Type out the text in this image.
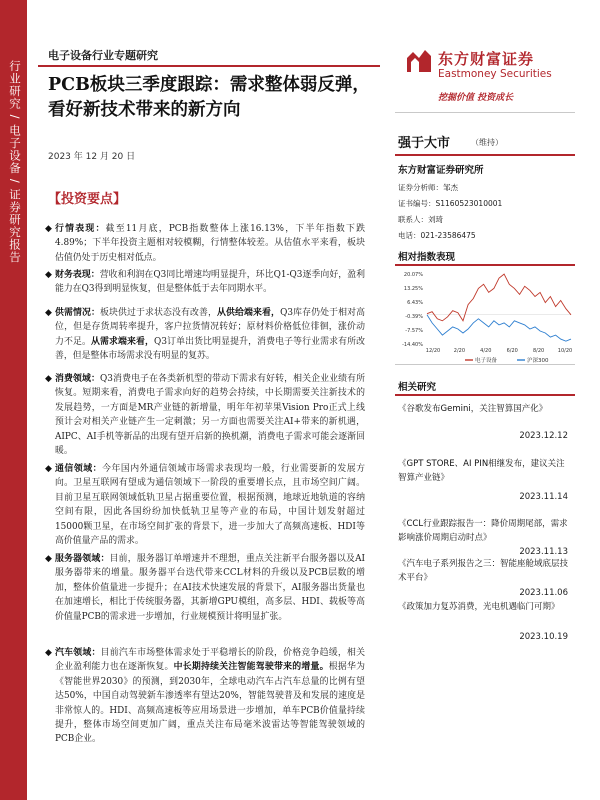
行业研究 / 电子设备 / 证券研究报告
电子设备行业专题研究
PCB板块三季度跟踪：需求整体弱反弹，
看好新技术带来的新方向
2023 年 12 月 20 日
【投资要点】
◆ 行情表现：截至11月底，PCB指数整体上涨16.13%，下半年指数下跌4.89%；下半年投资主题相对较模糊，行情整体较差。从估值水平来看，板块估值仍处于历史相对低点。
◆ 财务表现：营收和利润在Q3同比增速均明显提升，环比Q1-Q3逐季向好，盈利能力在Q3得到明显恢复，但是整体低于去年同期水平。
◆ 供需情况：板块供过于求状态没有改善，从供给端来看，Q3库存仍处于相对高位，但是存货周转率提升，客户拉货情况转好；原材料价格低位徘徊，涨价动力不足。从需求端来看，Q3订单出货比明显提升，消费电子等行业需求有所改善，但是整体市场需求没有明显的复苏。
◆ 消费领域：Q3消费电子在各类新机型的带动下需求有好转，相关企业业绩有所恢复。短期来看，消费电子需求向好的趋势会持续，中长期需要关注新技术的发展趋势，一方面是MR产业链的新增量，明年年初苹果Vision Pro正式上线预计会对相关产业链产生一定刺激；另一方面也需要关注AI+带来的新机遇，AIPC、AI手机等新品的出现有望开启新的换机潮，消费电子需求可能会逐渐回暖。
◆ 通信领域：今年国内外通信领域市场需求表现均一般，行业需要新的发展方向。卫星互联网有望成为通信领域下一阶段的重要增长点，且市场空间广阔。目前卫星互联网领域低轨卫星占据重要位置，根据预测，地球近地轨道的容纳空间有限，因此各国纷纷加快低轨卫星等产业的布局，中国计划发射超过15000颗卫星，在市场空间扩张的背景下，进一步加大了高频高速板、HDI等高价值量产品的需求。
◆ 服务器领域：目前，服务器订单增速并不理想，重点关注新平台服务器以及AI服务器带来的增量。服务器平台迭代带来CCL材料的升级以及PCB层数的增加，整体价值量进一步提升；在AI技术快速发展的背景下，AI服务器出货量也在加速增长，相比于传统服务器，其新增GPU模组，高多层、HDI、载板等高价值量PCB的需求进一步增加，行业规模预计将明显扩张。
◆ 汽车领域：目前汽车市场整体需求处于平稳增长的阶段，价格竞争趋缓，相关企业盈利能力也在逐渐恢复。中长期持续关注智能驾驶带来的增量。根据华为《智能世界2030》的预测，到2030年，全球电动汽车占汽车总量的比例有望达50%，中国自动驾驶新车渗透率有望达20%，智能驾驶普及和发展的速度是非常惊人的。HDI、高频高速板等应用场景进一步增加，单车PCB价值量持续提升，整体市场空间更加广阔，重点关注布局毫米波雷达等智能驾驶领域的PCB企业。
东方财富证券
Eastmoney Securities
挖掘价值 投资成长
强于大市	（维持）
东方财富证券研究所
证券分析师：邹杰
证书编号：S1160523010001
联系人：刘琦
电话：021-23586475
相对指数表现
20.07%
13.25%
6.43%
-0.39%
-7.57%
-14.40%
12/20	2/20	4/20	6/20	8/20	10/20
电子设备	沪深300
相关研究
《谷歌发布Gemini，关注智算国产化》
2023.12.12
《GPT STORE、AI PIN相继发布，建议关注智算产业链》
2023.11.14
《CCL行业跟踪报告一：降价周期尾部，需求影响涨价周期启动时点》
2023.11.13
《汽车电子系列报告之三：智能座舱域底层技术平台》
2023.11.06
《政策加力复苏消费，光电机遇临门可期》
2023.10.19
